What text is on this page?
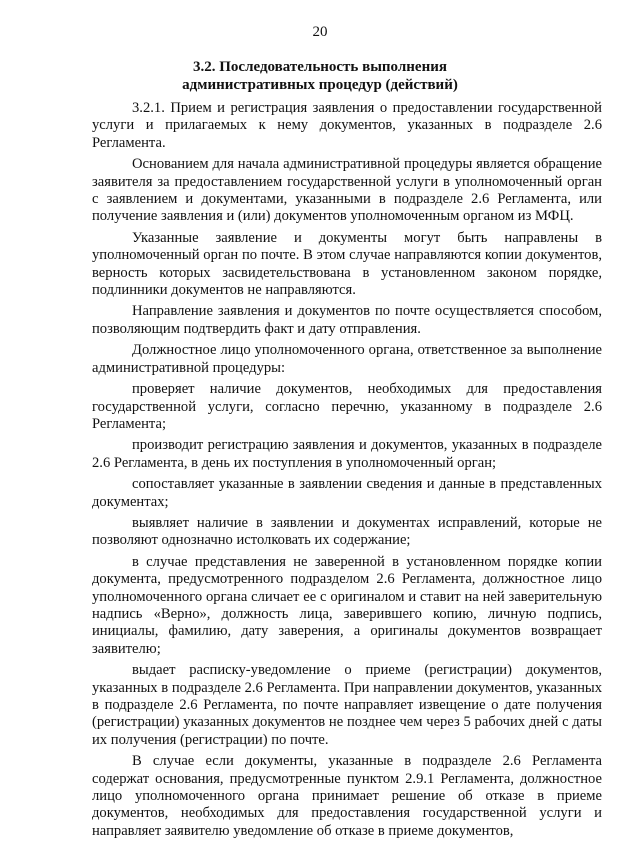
20
3.2. Последовательность выполнения
административных процедур (действий)

3.2.1. Прием и регистрация заявления о предоставлении государственной услуги и прилагаемых к нему документов, указанных в подразделе 2.6 Регламента.

Основанием для начала административной процедуры является обращение заявителя за предоставлением государственной услуги в уполномоченный орган с заявлением и документами, указанными в подразделе 2.6 Регламента, или получение заявления и (или) документов уполномоченным органом из МФЦ.

Указанные заявление и документы могут быть направлены в уполномоченный орган по почте. В этом случае направляются копии документов, верность которых засвидетельствована в установленном законом порядке, подлинники документов не направляются.

Направление заявления и документов по почте осуществляется способом, позволяющим подтвердить факт и дату отправления.

Должностное лицо уполномоченного органа, ответственное за выполнение административной процедуры:

проверяет наличие документов, необходимых для предоставления государственной услуги, согласно перечню, указанному в подразделе 2.6 Регламента;

производит регистрацию заявления и документов, указанных в подразделе 2.6 Регламента, в день их поступления в уполномоченный орган;

сопоставляет указанные в заявлении сведения и данные в представленных документах;

выявляет наличие в заявлении и документах исправлений, которые не позволяют однозначно истолковать их содержание;

в случае представления не заверенной в установленном порядке копии документа, предусмотренного подразделом 2.6 Регламента, должностное лицо уполномоченного органа сличает ее с оригиналом и ставит на ней заверительную надпись «Верно», должность лица, заверившего копию, личную подпись, инициалы, фамилию, дату заверения, а оригиналы документов возвращает заявителю;

выдает расписку-уведомление о приеме (регистрации) документов, указанных в подразделе 2.6 Регламента. При направлении документов, указанных в подразделе 2.6 Регламента, по почте направляет извещение о дате получения (регистрации) указанных документов не позднее чем через 5 рабочих дней с даты их получения (регистрации) по почте.

В случае если документы, указанные в подразделе 2.6 Регламента содержат основания, предусмотренные пунктом 2.9.1 Регламента, должностное лицо уполномоченного органа принимает решение об отказе в приеме документов, необходимых для предоставления государственной услуги и направляет заявителю уведомление об отказе в приеме документов,
